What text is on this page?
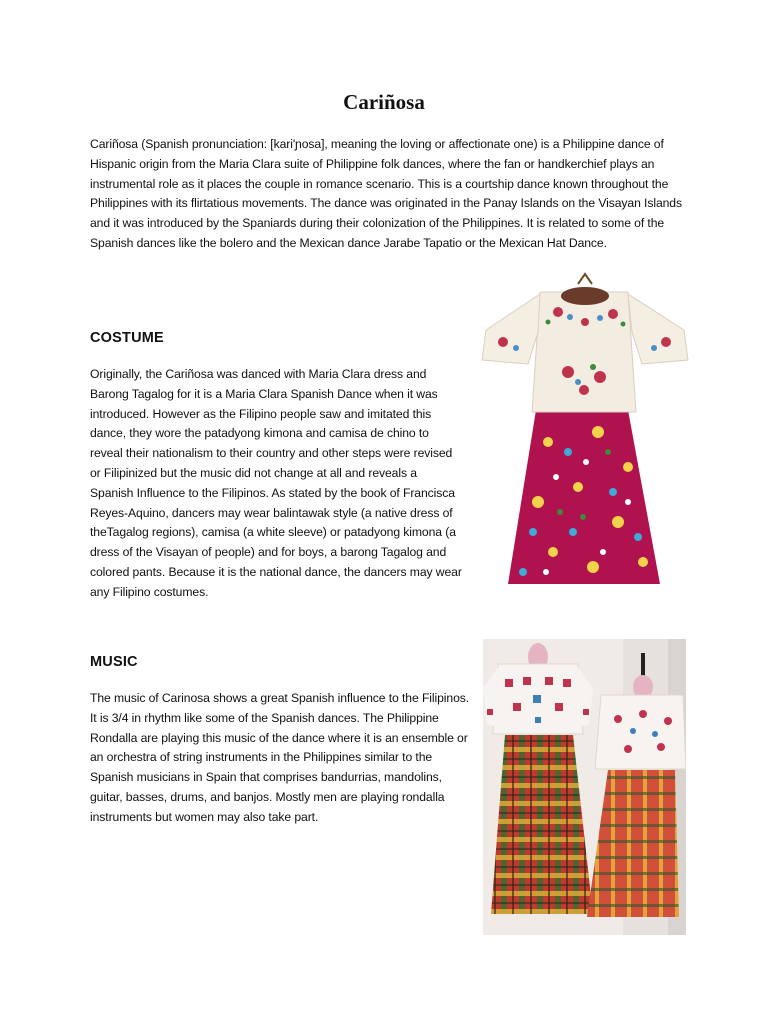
Cariñosa

Cariñosa (Spanish pronunciation: [kari'ɲosa], meaning the loving or affectionate one) is a Philippine dance of Hispanic origin from the Maria Clara suite of Philippine folk dances, where the fan or handkerchief plays an instrumental role as it places the couple in romance scenario. This is a courtship dance known throughout the Philippines with its flirtatious movements. The dance was originated in the Panay Islands on the Visayan Islands and it was introduced by the Spaniards during their colonization of the Philippines. It is related to some of the Spanish dances like the bolero and the Mexican dance Jarabe Tapatio or the Mexican Hat Dance.

COSTUME

Originally, the Cariñosa was danced with Maria Clara dress and Barong Tagalog for it is a Maria Clara Spanish Dance when it was introduced. However as the Filipino people saw and imitated this dance, they wore the patadyong kimona and camisa de chino to reveal their nationalism to their country and other steps were revised or Filipinized but the music did not change at all and reveals a Spanish Influence to the Filipinos. As stated by the book of Francisca Reyes-Aquino, dancers may wear balintawak style (a native dress of theTagalog regions), camisa (a white sleeve) or patadyong kimona (a dress of the Visayan of people) and for boys, a barong Tagalog and colored pants. Because it is the national dance, the dancers may wear any Filipino costumes.

MUSIC

The music of Carinosa shows a great Spanish influence to the Filipinos. It is 3/4 in rhythm like some of the Spanish dances. The Philippine Rondalla are playing this music of the dance where it is an ensemble or an orchestra of string instruments in the Philippines similar to the Spanish musicians in Spain that comprises bandurrias, mandolins, guitar, basses, drums, and banjos. Mostly men are playing rondalla instruments but women may also take part.
